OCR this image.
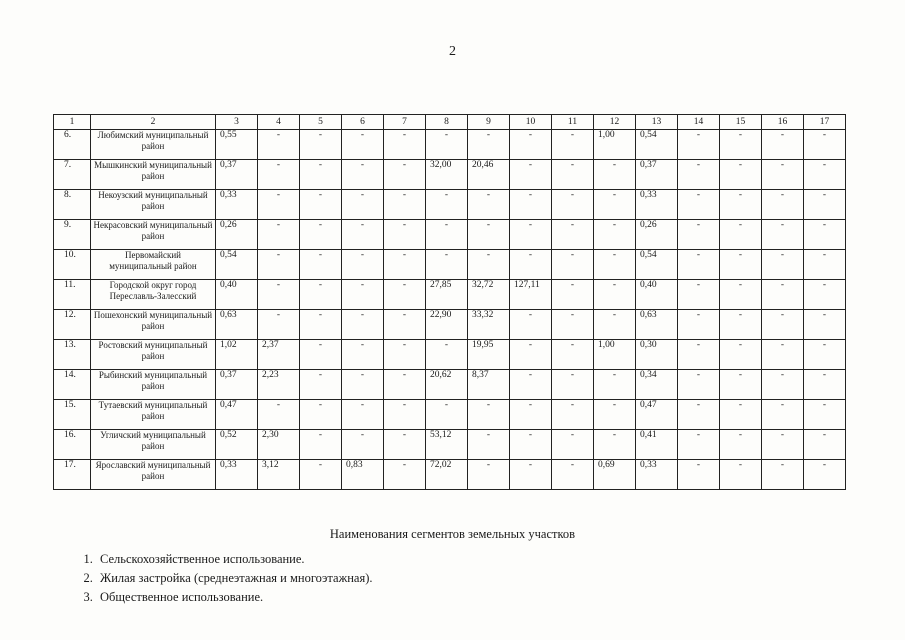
2
1	2	3	4	5	6	7	8	9	10	11	12	13	14	15	16	17
6.	Любимский муниципальный район	0,55	-	-	-	-	-	-	-	-	1,00	0,54	-	-	-	-
7.	Мышкинский муниципальный район	0,37	-	-	-	-	32,00	20,46	-	-	-	0,37	-	-	-	-
8.	Некоузский муниципальный район	0,33	-	-	-	-	-	-	-	-	-	0,33	-	-	-	-
9.	Некрасовский муниципальный район	0,26	-	-	-	-	-	-	-	-	-	0,26	-	-	-	-
10.	Первомайский муниципальный район	0,54	-	-	-	-	-	-	-	-	-	0,54	-	-	-	-
11.	Городской округ город Переславль-Залесский	0,40	-	-	-	-	27,85	32,72	127,11	-	-	0,40	-	-	-	-
12.	Пошехонский муниципальный район	0,63	-	-	-	-	22,90	33,32	-	-	-	0,63	-	-	-	-
13.	Ростовский муниципальный район	1,02	2,37	-	-	-	-	19,95	-	-	1,00	0,30	-	-	-	-
14.	Рыбинский муниципальный район	0,37	2,23	-	-	-	20,62	8,37	-	-	-	0,34	-	-	-	-
15.	Тутаевский муниципальный район	0,47	-	-	-	-	-	-	-	-	-	0,47	-	-	-	-
16.	Угличский муниципальный район	0,52	2,30	-	-	-	53,12	-	-	-	-	0,41	-	-	-	-
17.	Ярославский муниципальный район	0,33	3,12	-	0,83	-	72,02	-	-	-	0,69	0,33	-	-	-	-
Наименования сегментов земельных участков
1. Сельскохозяйственное использование.
2. Жилая застройка (среднеэтажная и многоэтажная).
3. Общественное использование.
